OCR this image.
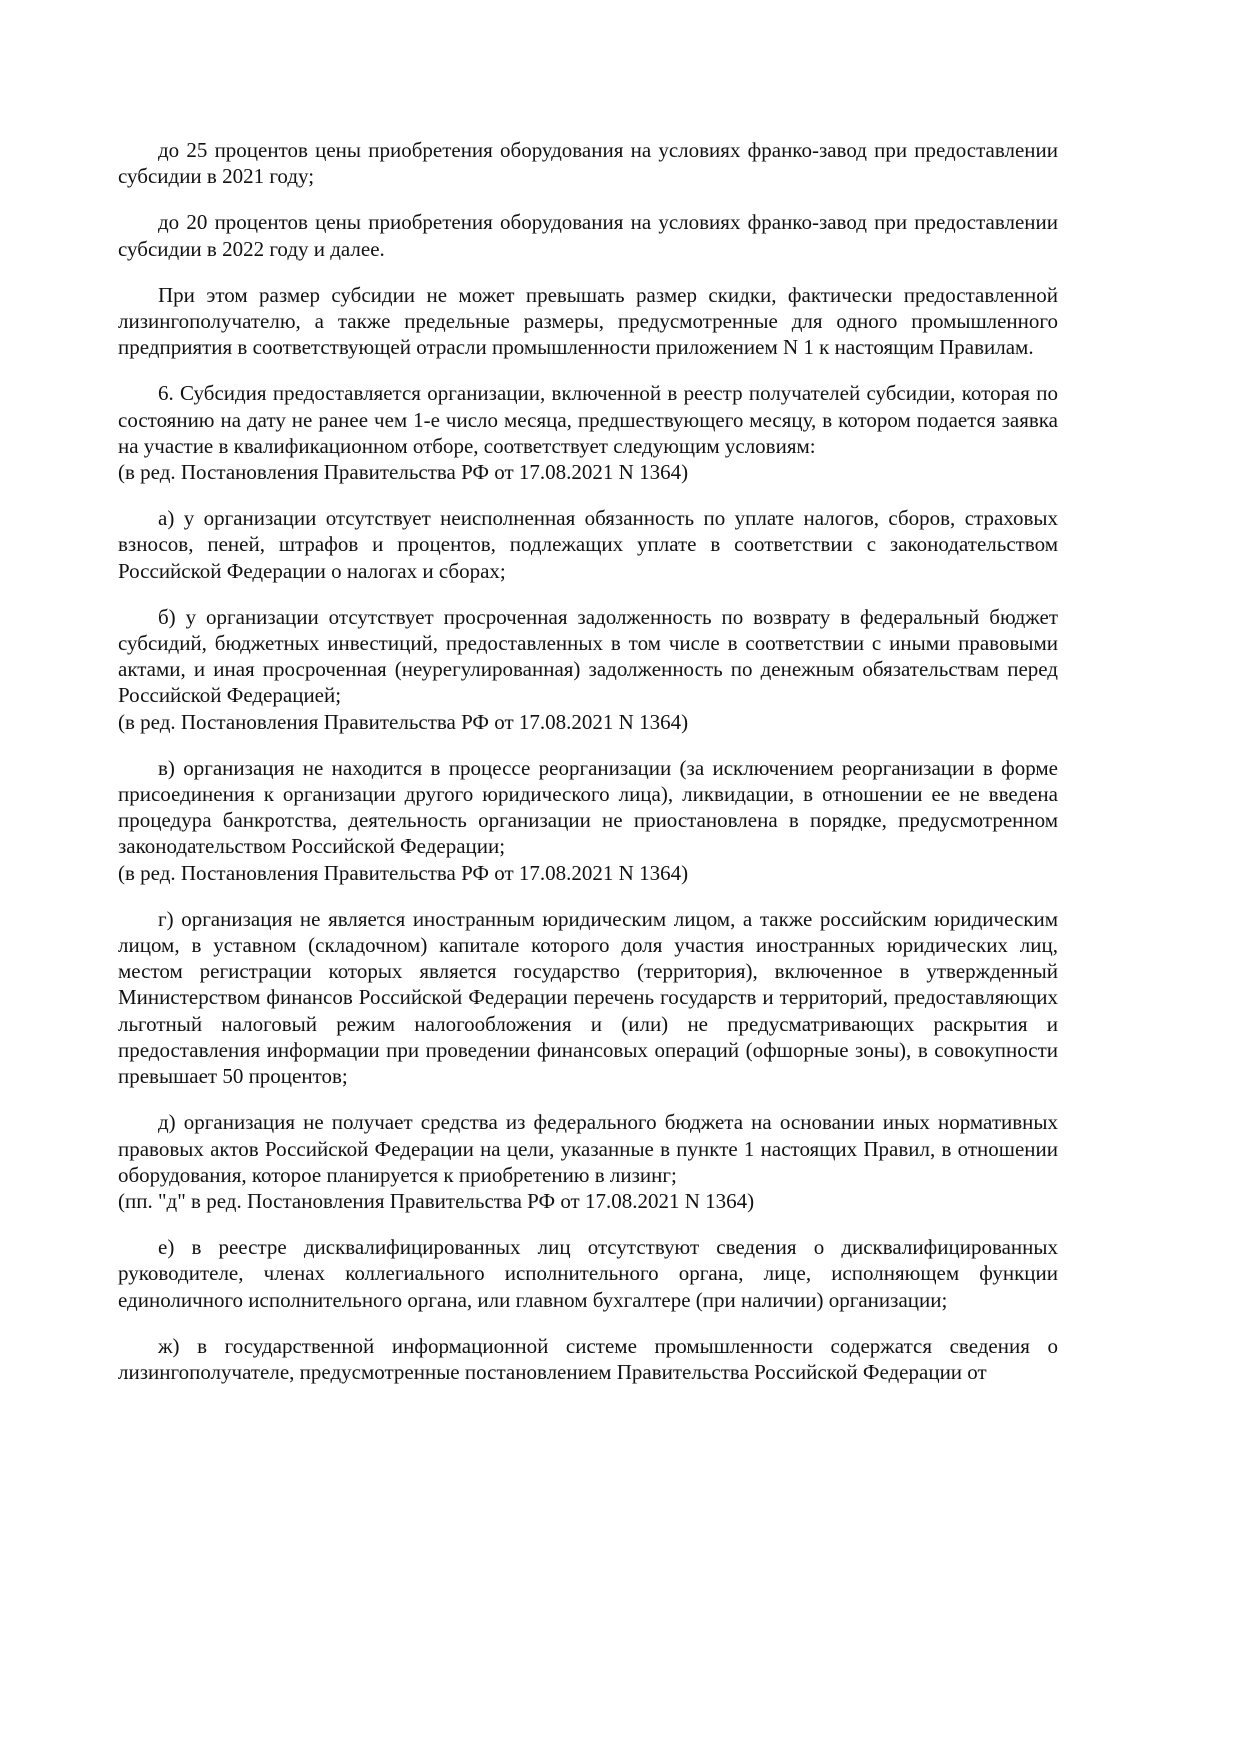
до 25 процентов цены приобретения оборудования на условиях франко-завод при предоставлении субсидии в 2021 году;

до 20 процентов цены приобретения оборудования на условиях франко-завод при предоставлении субсидии в 2022 году и далее.

При этом размер субсидии не может превышать размер скидки, фактически предоставленной лизингополучателю, а также предельные размеры, предусмотренные для одного промышленного предприятия в соответствующей отрасли промышленности приложением N 1 к настоящим Правилам.

6. Субсидия предоставляется организации, включенной в реестр получателей субсидии, которая по состоянию на дату не ранее чем 1-е число месяца, предшествующего месяцу, в котором подается заявка на участие в квалификационном отборе, соответствует следующим условиям:

(в ред. Постановления Правительства РФ от 17.08.2021 N 1364)

а) у организации отсутствует неисполненная обязанность по уплате налогов, сборов, страховых взносов, пеней, штрафов и процентов, подлежащих уплате в соответствии с законодательством Российской Федерации о налогах и сборах;

б) у организации отсутствует просроченная задолженность по возврату в федеральный бюджет субсидий, бюджетных инвестиций, предоставленных в том числе в соответствии с иными правовыми актами, и иная просроченная (неурегулированная) задолженность по денежным обязательствам перед Российской Федерацией;

(в ред. Постановления Правительства РФ от 17.08.2021 N 1364)

в) организация не находится в процессе реорганизации (за исключением реорганизации в форме присоединения к организации другого юридического лица), ликвидации, в отношении ее не введена процедура банкротства, деятельность организации не приостановлена в порядке, предусмотренном законодательством Российской Федерации;

(в ред. Постановления Правительства РФ от 17.08.2021 N 1364)

г) организация не является иностранным юридическим лицом, а также российским юридическим лицом, в уставном (складочном) капитале которого доля участия иностранных юридических лиц, местом регистрации которых является государство (территория), включенное в утвержденный Министерством финансов Российской Федерации перечень государств и территорий, предоставляющих льготный налоговый режим налогообложения и (или) не предусматривающих раскрытия и предоставления информации при проведении финансовых операций (офшорные зоны), в совокупности превышает 50 процентов;

д) организация не получает средства из федерального бюджета на основании иных нормативных правовых актов Российской Федерации на цели, указанные в пункте 1 настоящих Правил, в отношении оборудования, которое планируется к приобретению в лизинг;

(пп. "д" в ред. Постановления Правительства РФ от 17.08.2021 N 1364)

е) в реестре дисквалифицированных лиц отсутствуют сведения о дисквалифицированных руководителе, членах коллегиального исполнительного органа, лице, исполняющем функции единоличного исполнительного органа, или главном бухгалтере (при наличии) организации;

ж) в государственной информационной системе промышленности содержатся сведения о лизингополучателе, предусмотренные постановлением Правительства Российской Федерации от
